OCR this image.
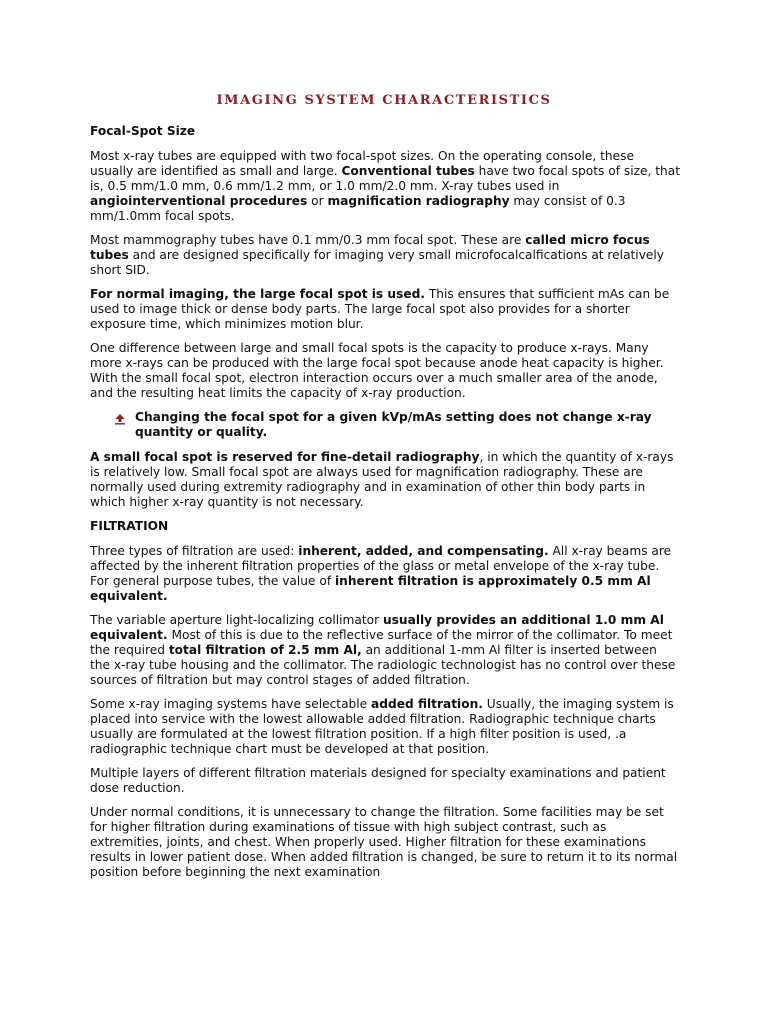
IMAGING SYSTEM CHARACTERISTICS
Focal-Spot Size

Most x-ray tubes are equipped with two focal-spot sizes. On the operating console, these usually are identified as small and large. Conventional tubes have two focal spots of size, that is, 0.5 mm/1.0 mm, 0.6 mm/1.2 mm, or 1.0 mm/2.0 mm. X-ray tubes used in angiointerventional procedures or magnification radiography may consist of 0.3 mm/1.0mm focal spots.

Most mammography tubes have 0.1 mm/0.3 mm focal spot. These are called micro focus tubes and are designed specifically for imaging very small microfocalcalfications at relatively short SID.

For normal imaging, the large focal spot is used. This ensures that sufficient mAs can be used to image thick or dense body parts. The large focal spot also provides for a shorter exposure time, which minimizes motion blur.

One difference between large and small focal spots is the capacity to produce x-rays. Many more x-rays can be produced with the large focal spot because anode heat capacity is higher. With the small focal spot, electron interaction occurs over a much smaller area of the anode, and the resulting heat limits the capacity of x-ray production.

Changing the focal spot for a given kVp/mAs setting does not change x-ray quantity or quality.

A small focal spot is reserved for fine-detail radiography, in which the quantity of x-rays is relatively low. Small focal spot are always used for magnification radiography. These are normally used during extremity radiography and in examination of other thin body parts in which higher x-ray quantity is not necessary.

FILTRATION

Three types of filtration are used: inherent, added, and compensating. All x-ray beams are affected by the inherent filtration properties of the glass or metal envelope of the x-ray tube. For general purpose tubes, the value of inherent filtration is approximately 0.5 mm Al equivalent.

The variable aperture light-localizing collimator usually provides an additional 1.0 mm Al equivalent. Most of this is due to the reflective surface of the mirror of the collimator. To meet the required total filtration of 2.5 mm Al, an additional 1-mm Al filter is inserted between the x-ray tube housing and the collimator. The radiologic technologist has no control over these sources of filtration but may control stages of added filtration.

Some x-ray imaging systems have selectable added filtration. Usually, the imaging system is placed into service with the lowest allowable added filtration. Radiographic technique charts usually are formulated at the lowest filtration position. If a high filter position is used, .a radiographic technique chart must be developed at that position.

Multiple layers of different filtration materials designed for specialty examinations and patient dose reduction.

Under normal conditions, it is unnecessary to change the filtration. Some facilities may be set for higher filtration during examinations of tissue with high subject contrast, such as extremities, joints, and chest. When properly used. Higher filtration for these examinations results in lower patient dose. When added filtration is changed, be sure to return it to its normal position before beginning the next examination
